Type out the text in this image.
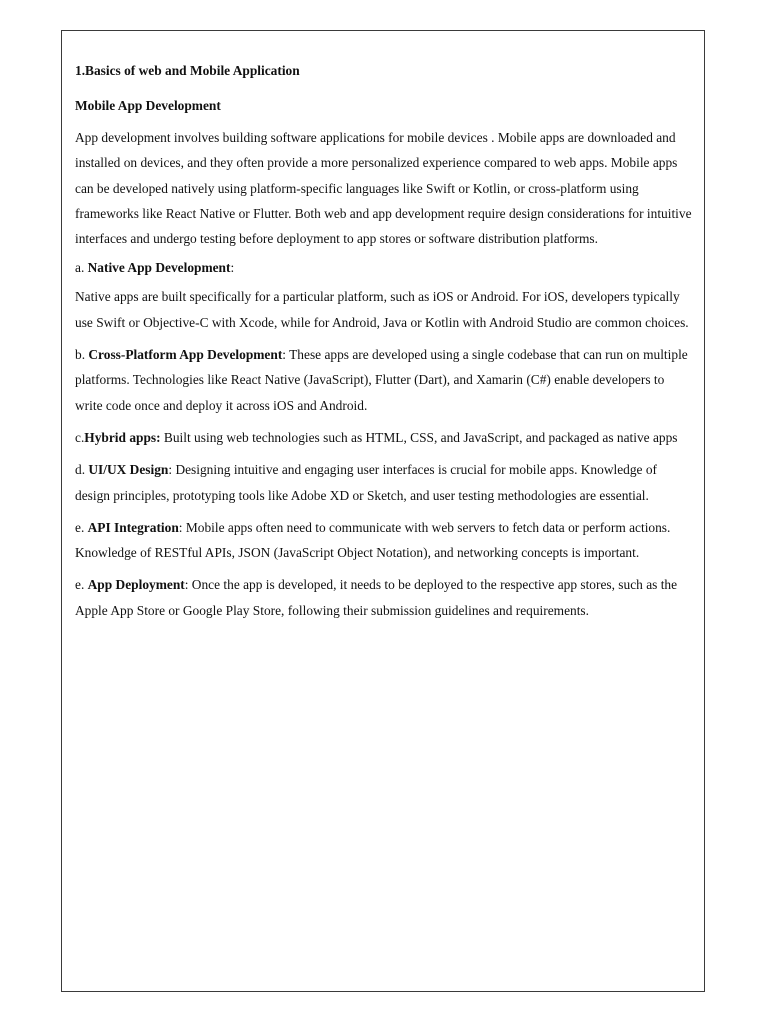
1.Basics of web and Mobile Application

Mobile App Development

App development involves building software applications for mobile devices . Mobile apps are downloaded and installed on devices, and they often provide a more personalized experience compared to web apps. Mobile apps can be developed natively using platform-specific languages like Swift or Kotlin, or cross-platform using frameworks like React Native or Flutter. Both web and app development require design considerations for intuitive interfaces and undergo testing before deployment to app stores or software distribution platforms.

a. Native App Development:

Native apps are built specifically for a particular platform, such as iOS or Android. For iOS, developers typically use Swift or Objective-C with Xcode, while for Android, Java or Kotlin with Android Studio are common choices.

b. Cross-Platform App Development: These apps are developed using a single codebase that can run on multiple platforms. Technologies like React Native (JavaScript), Flutter (Dart), and Xamarin (C#) enable developers to write code once and deploy it across iOS and Android.

c.Hybrid apps: Built using web technologies such as HTML, CSS, and JavaScript, and packaged as native apps

d. UI/UX Design: Designing intuitive and engaging user interfaces is crucial for mobile apps. Knowledge of design principles, prototyping tools like Adobe XD or Sketch, and user testing methodologies are essential.

e. API Integration: Mobile apps often need to communicate with web servers to fetch data or perform actions. Knowledge of RESTful APIs, JSON (JavaScript Object Notation), and networking concepts is important.

e. App Deployment: Once the app is developed, it needs to be deployed to the respective app stores, such as the Apple App Store or Google Play Store, following their submission guidelines and requirements.
